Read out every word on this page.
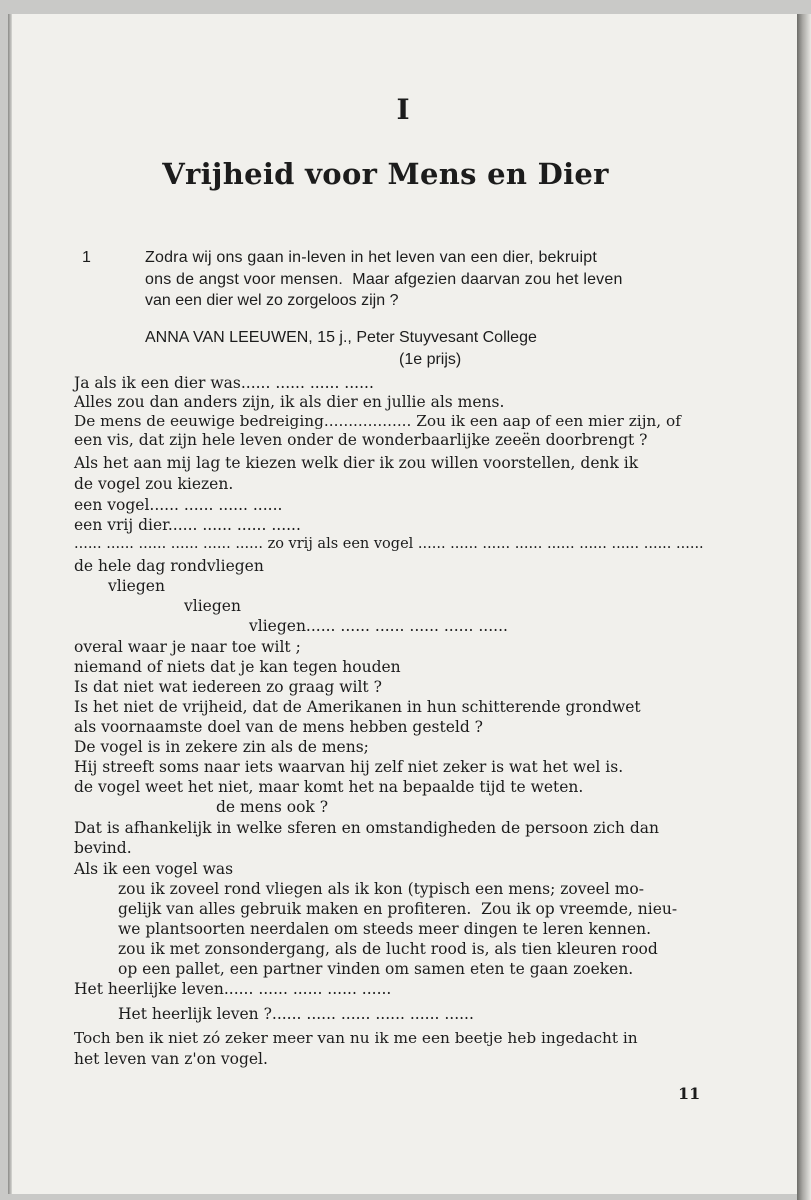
I
Vrijheid voor Mens en Dier
1	Zodra wij ons gaan in-leven in het leven van een dier, bekruipt
ons de angst voor mensen.  Maar afgezien daarvan zou het leven
van een dier wel zo zorgeloos zijn ?
ANNA VAN LEEUWEN, 15 j., Peter Stuyvesant College
(1e prijs)
Ja als ik een dier was...... ...... ...... ......
Alles zou dan anders zijn, ik als dier en jullie als mens.
De mens de eeuwige bedreiging.................. Zou ik een aap of een mier zijn, of
een vis, dat zijn hele leven onder de wonderbaarlijke zeeën doorbrengt ?
Als het aan mij lag te kiezen welk dier ik zou willen voorstellen, denk ik
de vogel zou kiezen.
een vogel...... ...... ...... ......
een vrij dier...... ...... ...... ......
...... ...... ...... ...... ...... ...... zo vrij als een vogel ...... ...... ...... ...... ...... ...... ...... ...... ......
de hele dag rondvliegen
vliegen
vliegen
vliegen...... ...... ...... ...... ...... ......
overal waar je naar toe wilt ;
niemand of niets dat je kan tegen houden
Is dat niet wat iedereen zo graag wilt ?
Is het niet de vrijheid, dat de Amerikanen in hun schitterende grondwet
als voornaamste doel van de mens hebben gesteld ?
De vogel is in zekere zin als de mens;
Hij streeft soms naar iets waarvan hij zelf niet zeker is wat het wel is.
de vogel weet het niet, maar komt het na bepaalde tijd te weten.
de mens ook ?
Dat is afhankelijk in welke sferen en omstandigheden de persoon zich dan
bevind.
Als ik een vogel was
zou ik zoveel rond vliegen als ik kon (typisch een mens; zoveel mo-
gelijk van alles gebruik maken en profiteren.  Zou ik op vreemde, nieu-
we plantsoorten neerdalen om steeds meer dingen te leren kennen.
zou ik met zonsondergang, als de lucht rood is, als tien kleuren rood
op een pallet, een partner vinden om samen eten te gaan zoeken.
Het heerlijke leven...... ...... ...... ...... ......
Het heerlijk leven ?...... ...... ...... ...... ...... ......
Toch ben ik niet zó zeker meer van nu ik me een beetje heb ingedacht in
het leven van z'on vogel.
11
